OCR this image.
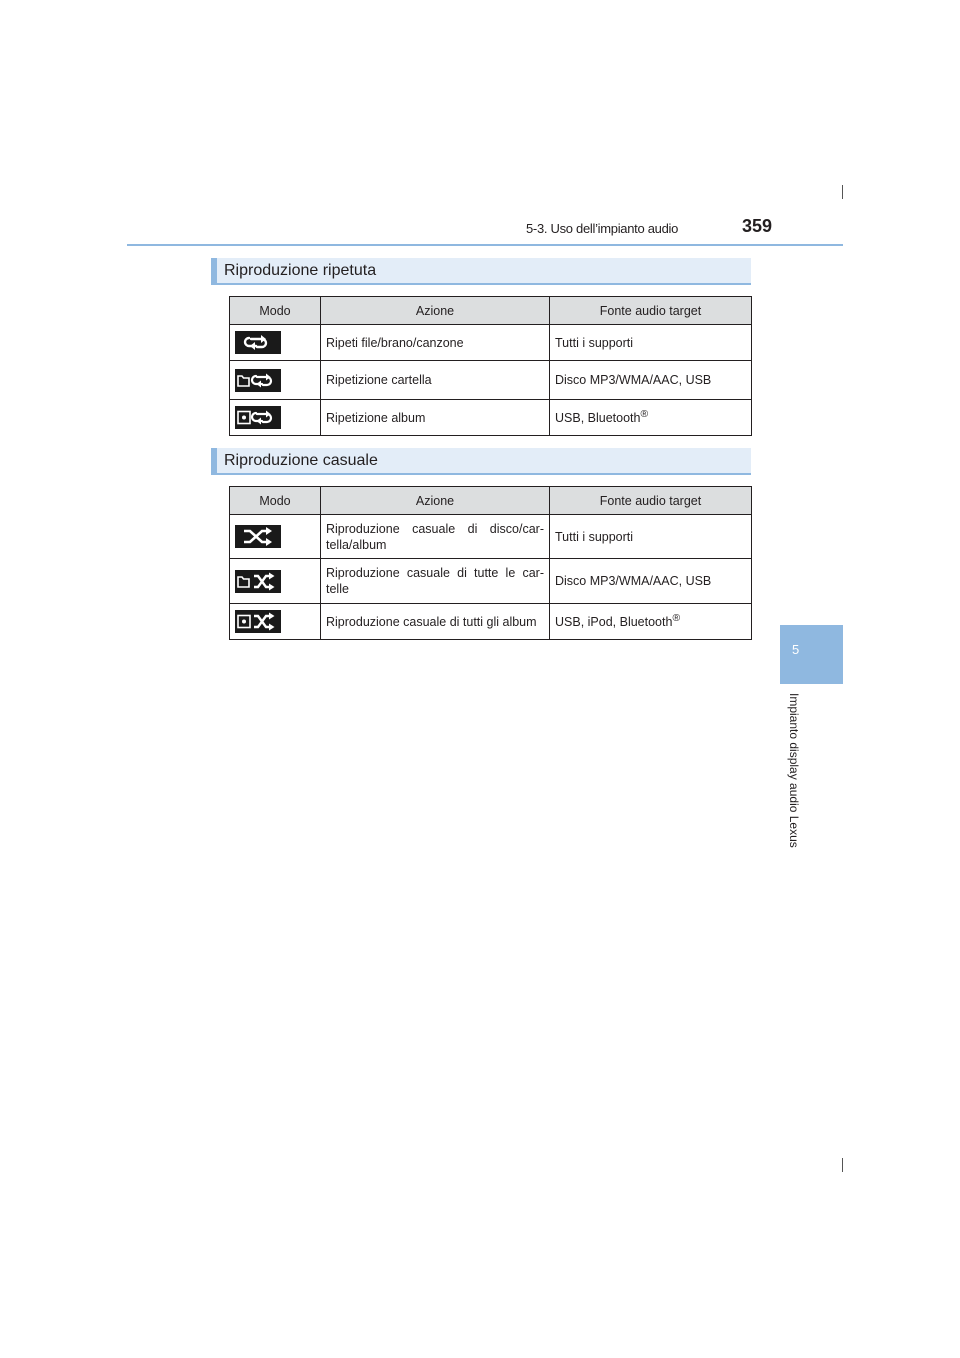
5-3. Uso dell’impianto audio	359
5
Impianto display audio Lexus
Riproduzione ripetuta
Modo	Azione	Fonte audio target

	Ripeti file/brano/canzone	Tutti i supporti

	Ripetizione cartella	Disco MP3/WMA/AAC, USB

	Ripetizione album	USB, Bluetooth®
Riproduzione casuale
Modo	Azione	Fonte audio target

	Riproduzione casuale di disco/car-tella/album	Tutti i supporti

	Riproduzione casuale di tutte le car-telle	Disco MP3/WMA/AAC, USB

	Riproduzione casuale di tutti gli album	USB, iPod, Bluetooth®
